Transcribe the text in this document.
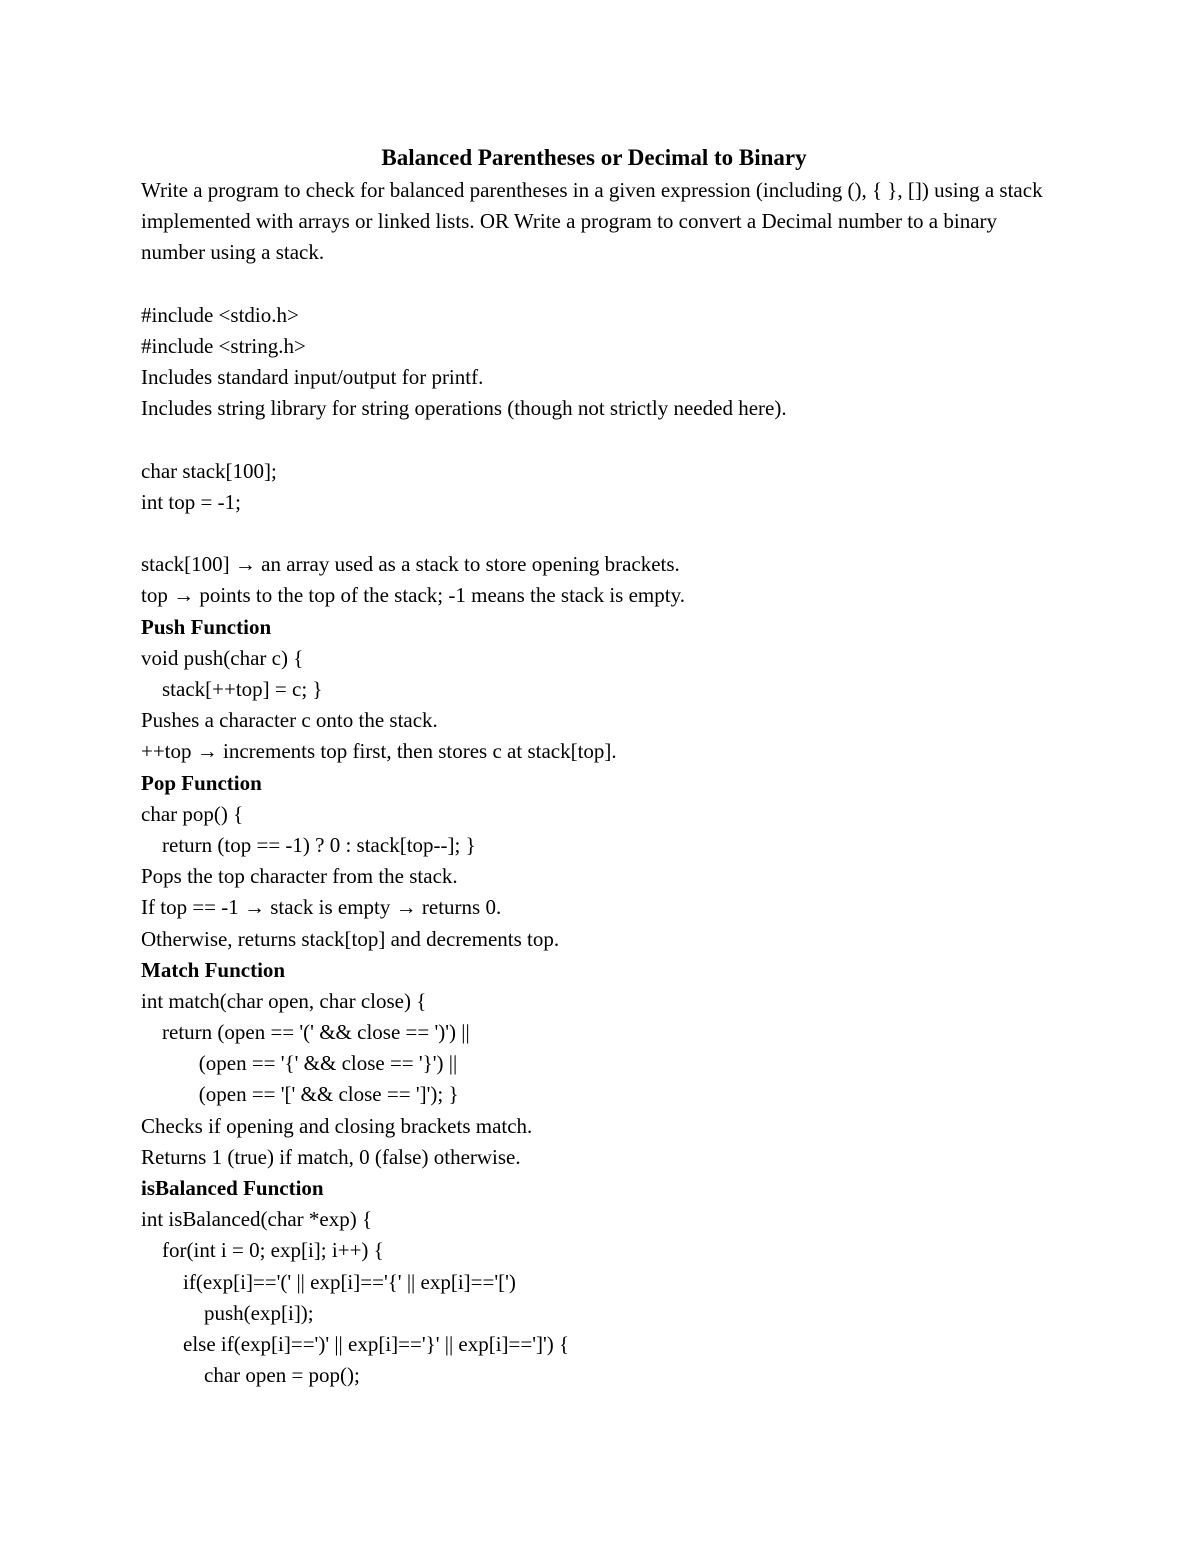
Balanced Parentheses or Decimal to Binary
Write a program to check for balanced parentheses in a given expression (including (), { }, []) using a stack implemented with arrays or linked lists. OR Write a program to convert a Decimal number to a binary number using a stack.
#include <stdio.h>
#include <string.h>
Includes standard input/output for printf.
Includes string library for string operations (though not strictly needed here).
char stack[100];
int top = -1;
stack[100] → an array used as a stack to store opening brackets.
top → points to the top of the stack; -1 means the stack is empty.
Push Function
void push(char c) {
stack[++top] = c; }
Pushes a character c onto the stack.
++top → increments top first, then stores c at stack[top].
Pop Function
char pop() {
return (top == -1) ? 0 : stack[top--]; }
Pops the top character from the stack.
If top == -1 → stack is empty → returns 0.
Otherwise, returns stack[top] and decrements top.
Match Function
int match(char open, char close) {
return (open == '(' && close == ')') ||
(open == '{' && close == '}') ||
(open == '[' && close == ']'); }
Checks if opening and closing brackets match.
Returns 1 (true) if match, 0 (false) otherwise.
isBalanced Function
int isBalanced(char *exp) {
for(int i = 0; exp[i]; i++) {
if(exp[i]=='(' || exp[i]=='{' || exp[i]=='[')
push(exp[i]);
else if(exp[i]==')' || exp[i]=='}' || exp[i]==']') {
char open = pop();
